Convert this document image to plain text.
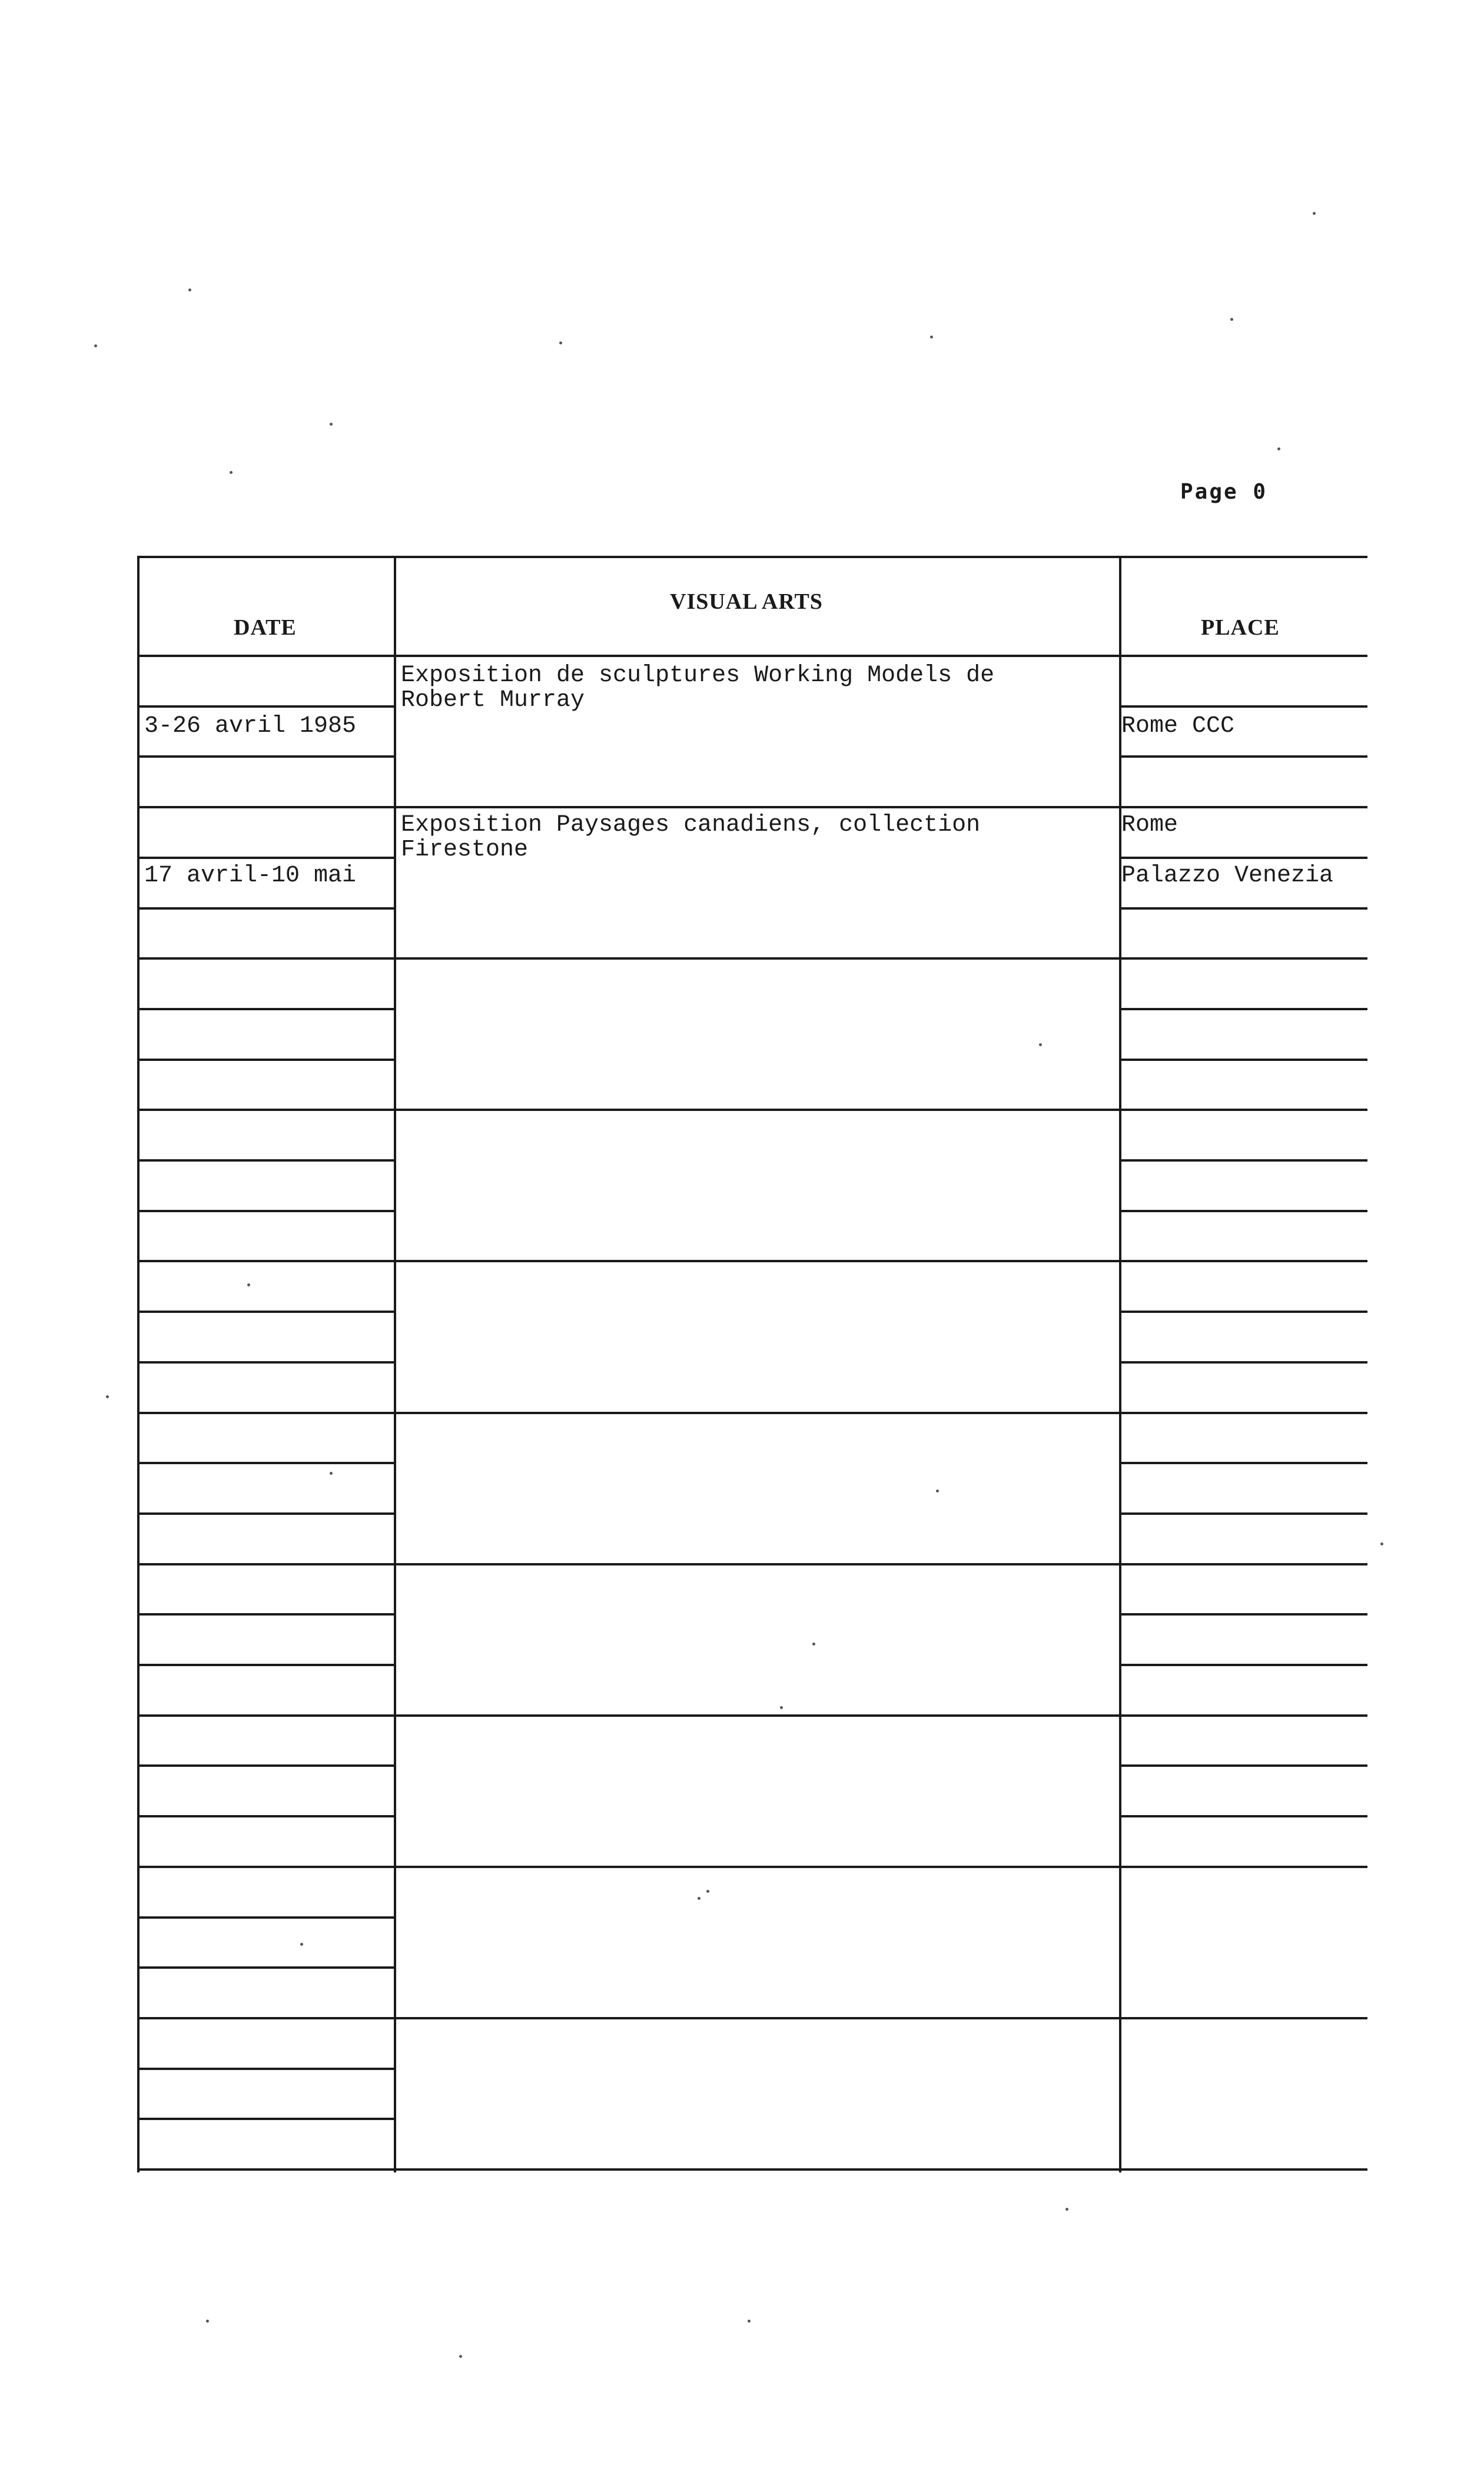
Page 0
DATE
VISUAL ARTS
PLACE
3-26 avril 1985
Exposition de sculptures Working Models de
Robert Murray
Rome CCC
17 avril-10 mai
Exposition Paysages canadiens, collection
Firestone
Rome
Palazzo Venezia
